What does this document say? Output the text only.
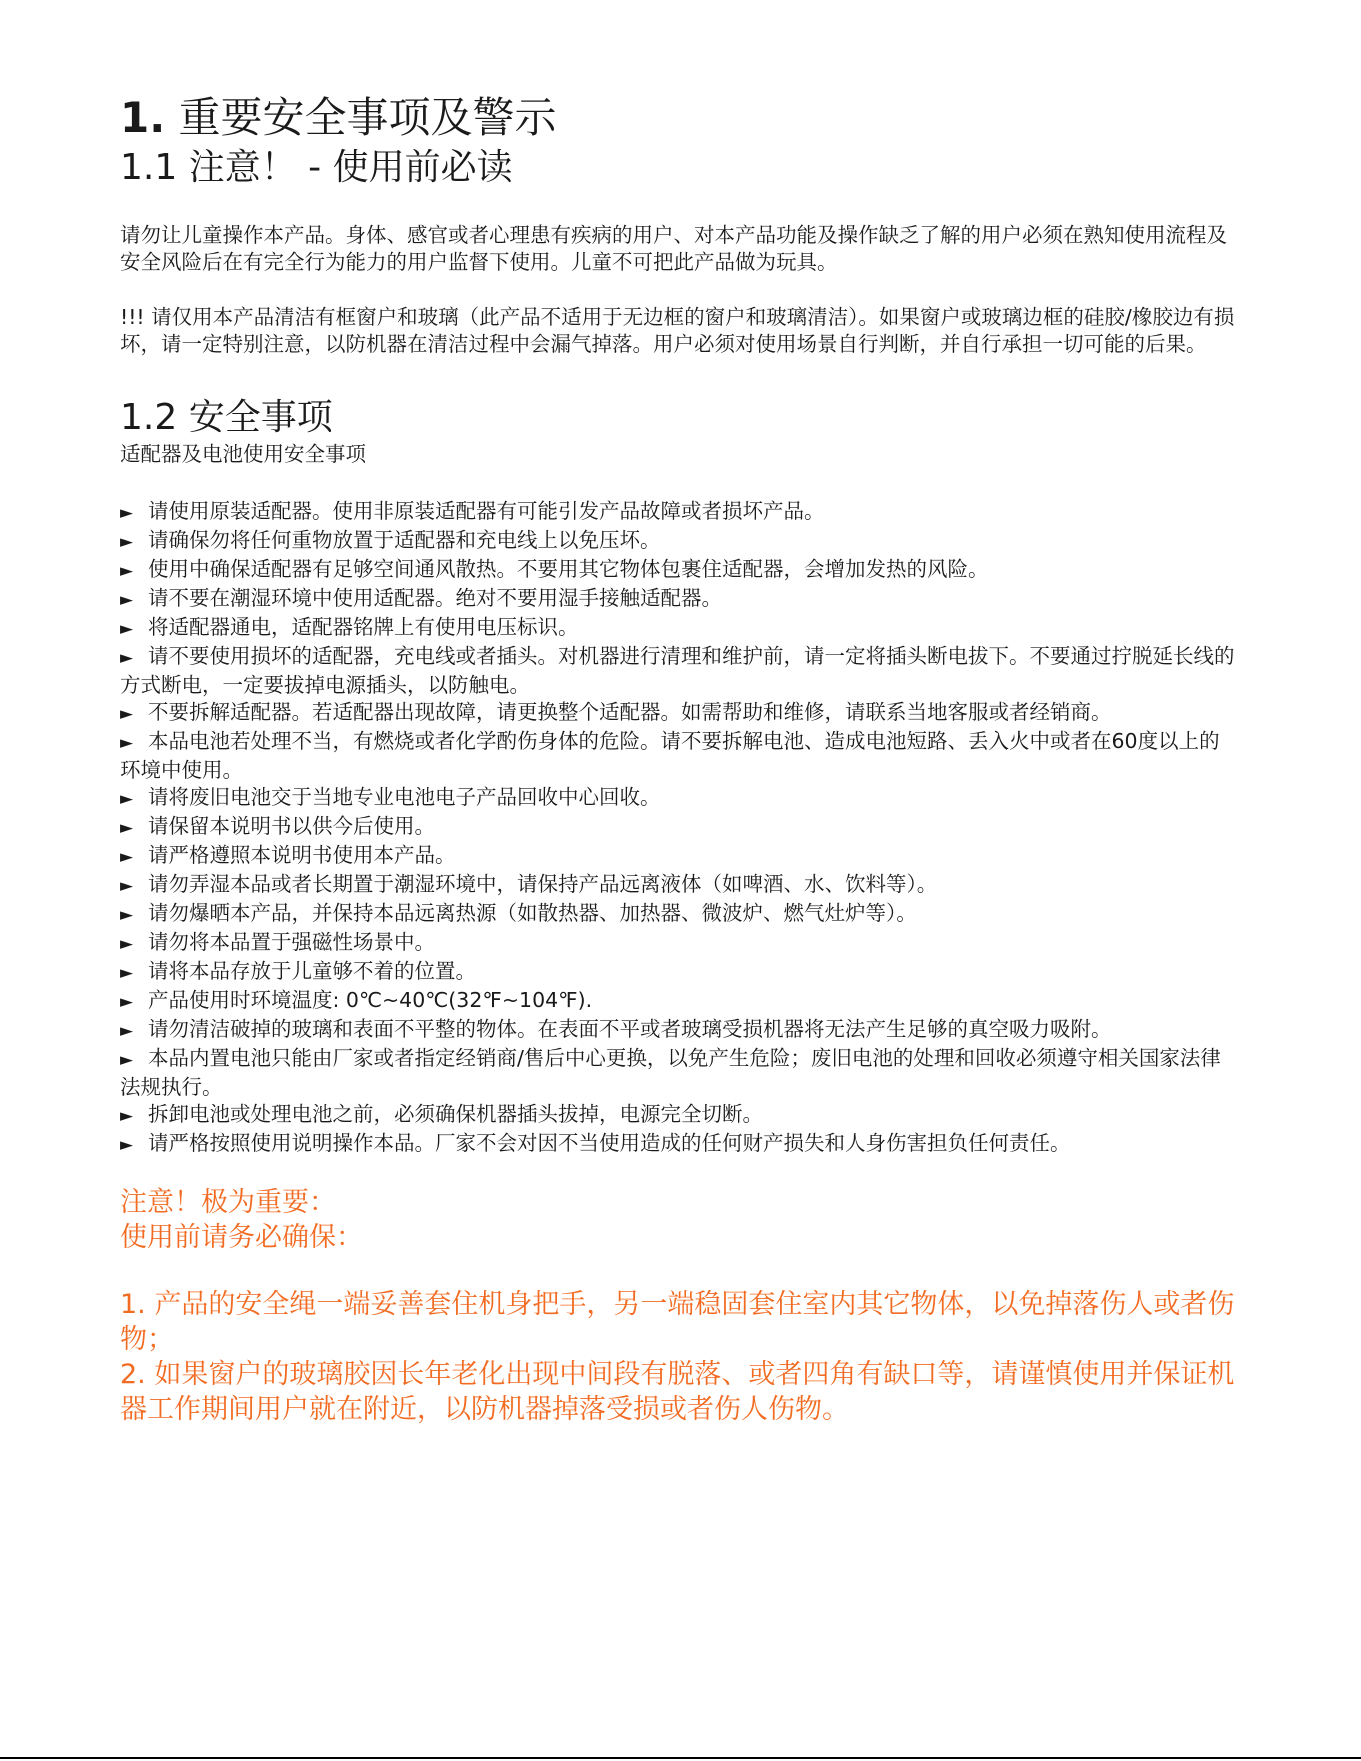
1. 重要安全事项及警示
1.1 注意！ - 使用前必读

请勿让儿童操作本产品。身体、感官或者心理患有疾病的用户、对本产品功能及操作缺乏了解的用户必须在熟知使用流程及安全风险后在有完全行为能力的用户监督下使用。儿童不可把此产品做为玩具。

!!! 请仅用本产品清洁有框窗户和玻璃（此产品不适用于无边框的窗户和玻璃清洁）。如果窗户或玻璃边框的硅胶/橡胶边有损坏，请一定特别注意，以防机器在清洁过程中会漏气掉落。用户必须对使用场景自行判断，并自行承担一切可能的后果。

1.2 安全事项

适配器及电池使用安全事项

► 请使用原装适配器。使用非原装适配器有可能引发产品故障或者损坏产品。
► 请确保勿将任何重物放置于适配器和充电线上以免压坏。
► 使用中确保适配器有足够空间通风散热。不要用其它物体包裹住适配器，会增加发热的风险。
► 请不要在潮湿环境中使用适配器。绝对不要用湿手接触适配器。
► 将适配器通电，适配器铭牌上有使用电压标识。
► 请不要使用损坏的适配器，充电线或者插头。对机器进行清理和维护前，请一定将插头断电拔下。不要通过拧脱延长线的方式断电，一定要拔掉电源插头，以防触电。
► 不要拆解适配器。若适配器出现故障，请更换整个适配器。如需帮助和维修，请联系当地客服或者经销商。
► 本品电池若处理不当，有燃烧或者化学酌伤身体的危险。请不要拆解电池、造成电池短路、丢入火中或者在60度以上的环境中使用。
► 请将废旧电池交于当地专业电池电子产品回收中心回收。
► 请保留本说明书以供今后使用。
► 请严格遵照本说明书使用本产品。
► 请勿弄湿本品或者长期置于潮湿环境中，请保持产品远离液体（如啤酒、水、饮料等）。
► 请勿爆晒本产品，并保持本品远离热源（如散热器、加热器、微波炉、燃气灶炉等）。
► 请勿将本品置于强磁性场景中。
► 请将本品存放于儿童够不着的位置。
► 产品使用时环境温度: 0℃~40℃(32℉~104℉).
► 请勿清洁破掉的玻璃和表面不平整的物体。在表面不平或者玻璃受损机器将无法产生足够的真空吸力吸附。
► 本品内置电池只能由厂家或者指定经销商/售后中心更换，以免产生危险；废旧电池的处理和回收必须遵守相关国家法律法规执行。
► 拆卸电池或处理电池之前，必须确保机器插头拔掉，电源完全切断。
► 请严格按照使用说明操作本品。厂家不会对因不当使用造成的任何财产损失和人身伤害担负任何责任。

注意！极为重要：

使用前请务必确保：

1. 产品的安全绳一端妥善套住机身把手，另一端稳固套住室内其它物体，以免掉落伤人或者伤物；

2. 如果窗户的玻璃胶因长年老化出现中间段有脱落、或者四角有缺口等，请谨慎使用并保证机器工作期间用户就在附近，以防机器掉落受损或者伤人伤物。
